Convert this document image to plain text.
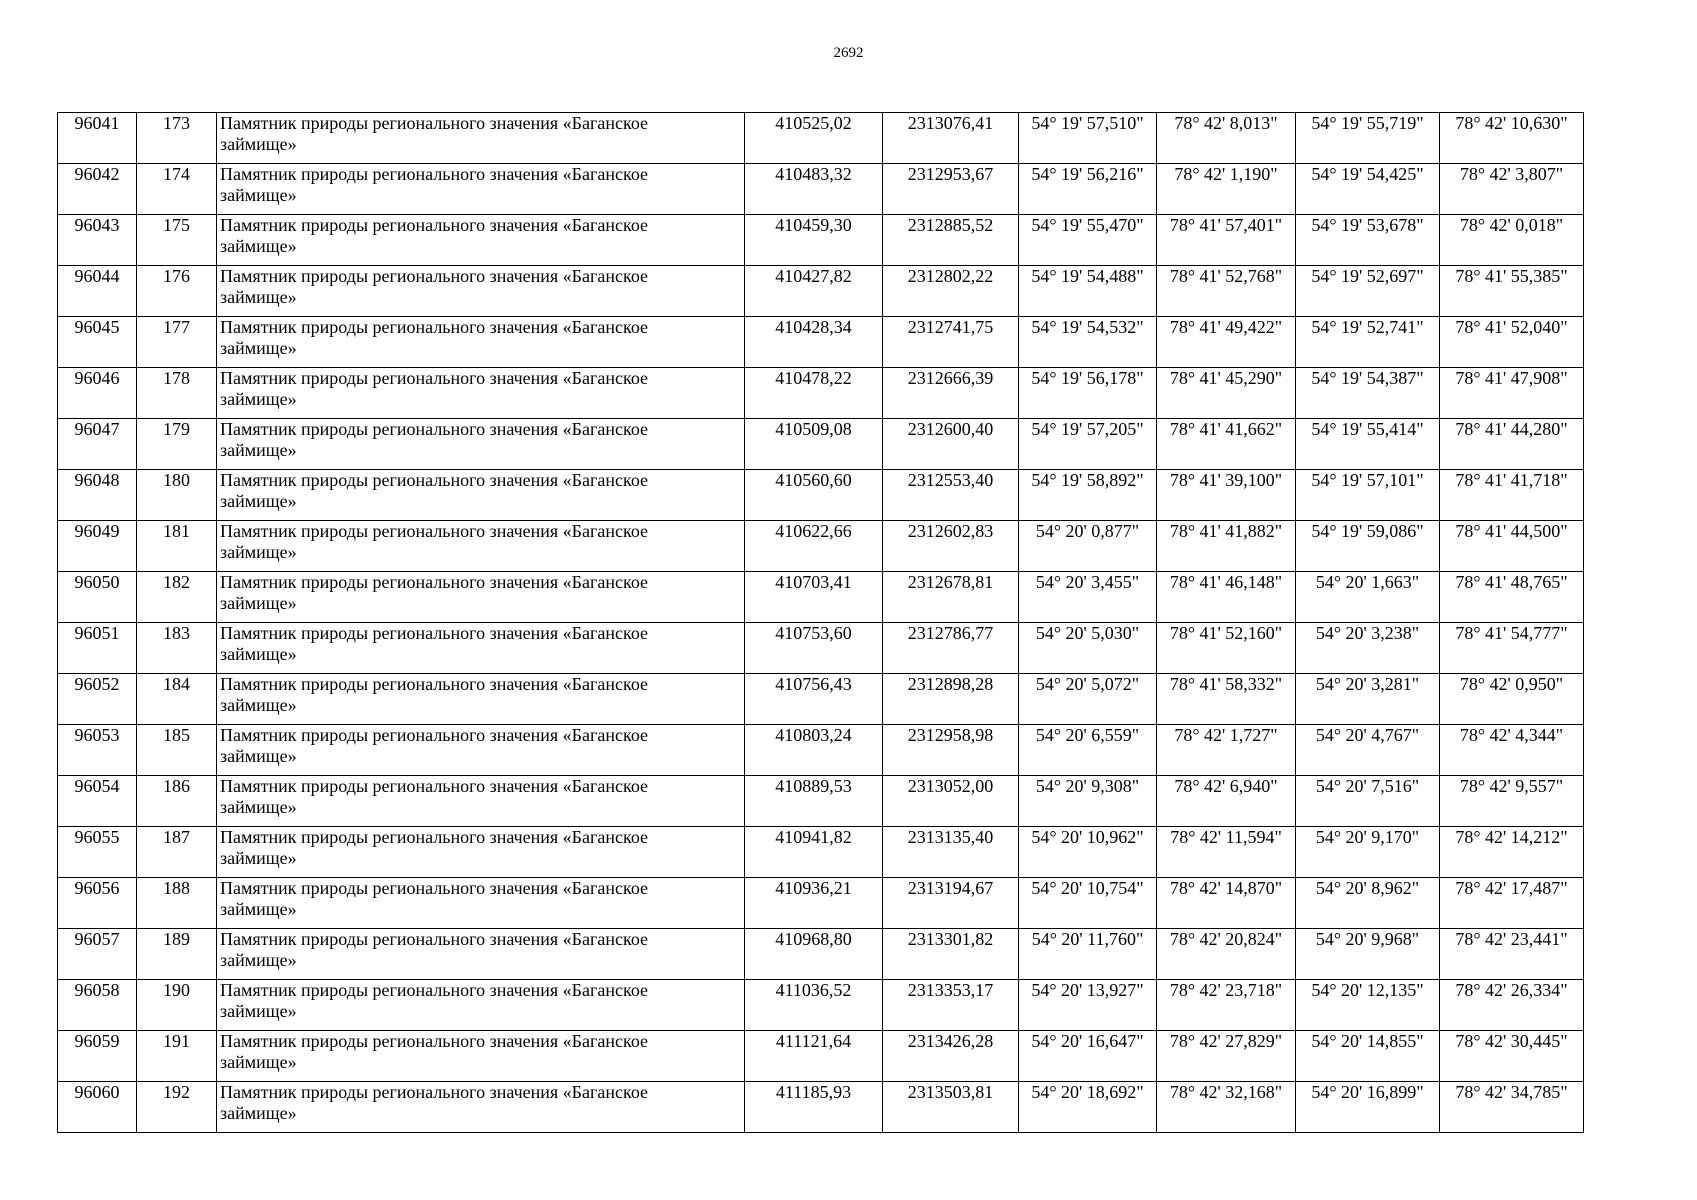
2692
96041	173	Памятник природы регионального значения «Баганское
займище»	410525,02	2313076,41	54° 19' 57,510"	78° 42' 8,013"	54° 19' 55,719"	78° 42' 10,630"
96042	174	Памятник природы регионального значения «Баганское
займище»	410483,32	2312953,67	54° 19' 56,216"	78° 42' 1,190"	54° 19' 54,425"	78° 42' 3,807"
96043	175	Памятник природы регионального значения «Баганское
займище»	410459,30	2312885,52	54° 19' 55,470"	78° 41' 57,401"	54° 19' 53,678"	78° 42' 0,018"
96044	176	Памятник природы регионального значения «Баганское
займище»	410427,82	2312802,22	54° 19' 54,488"	78° 41' 52,768"	54° 19' 52,697"	78° 41' 55,385"
96045	177	Памятник природы регионального значения «Баганское
займище»	410428,34	2312741,75	54° 19' 54,532"	78° 41' 49,422"	54° 19' 52,741"	78° 41' 52,040"
96046	178	Памятник природы регионального значения «Баганское
займище»	410478,22	2312666,39	54° 19' 56,178"	78° 41' 45,290"	54° 19' 54,387"	78° 41' 47,908"
96047	179	Памятник природы регионального значения «Баганское
займище»	410509,08	2312600,40	54° 19' 57,205"	78° 41' 41,662"	54° 19' 55,414"	78° 41' 44,280"
96048	180	Памятник природы регионального значения «Баганское
займище»	410560,60	2312553,40	54° 19' 58,892"	78° 41' 39,100"	54° 19' 57,101"	78° 41' 41,718"
96049	181	Памятник природы регионального значения «Баганское
займище»	410622,66	2312602,83	54° 20' 0,877"	78° 41' 41,882"	54° 19' 59,086"	78° 41' 44,500"
96050	182	Памятник природы регионального значения «Баганское
займище»	410703,41	2312678,81	54° 20' 3,455"	78° 41' 46,148"	54° 20' 1,663"	78° 41' 48,765"
96051	183	Памятник природы регионального значения «Баганское
займище»	410753,60	2312786,77	54° 20' 5,030"	78° 41' 52,160"	54° 20' 3,238"	78° 41' 54,777"
96052	184	Памятник природы регионального значения «Баганское
займище»	410756,43	2312898,28	54° 20' 5,072"	78° 41' 58,332"	54° 20' 3,281"	78° 42' 0,950"
96053	185	Памятник природы регионального значения «Баганское
займище»	410803,24	2312958,98	54° 20' 6,559"	78° 42' 1,727"	54° 20' 4,767"	78° 42' 4,344"
96054	186	Памятник природы регионального значения «Баганское
займище»	410889,53	2313052,00	54° 20' 9,308"	78° 42' 6,940"	54° 20' 7,516"	78° 42' 9,557"
96055	187	Памятник природы регионального значения «Баганское
займище»	410941,82	2313135,40	54° 20' 10,962"	78° 42' 11,594"	54° 20' 9,170"	78° 42' 14,212"
96056	188	Памятник природы регионального значения «Баганское
займище»	410936,21	2313194,67	54° 20' 10,754"	78° 42' 14,870"	54° 20' 8,962"	78° 42' 17,487"
96057	189	Памятник природы регионального значения «Баганское
займище»	410968,80	2313301,82	54° 20' 11,760"	78° 42' 20,824"	54° 20' 9,968"	78° 42' 23,441"
96058	190	Памятник природы регионального значения «Баганское
займище»	411036,52	2313353,17	54° 20' 13,927"	78° 42' 23,718"	54° 20' 12,135"	78° 42' 26,334"
96059	191	Памятник природы регионального значения «Баганское
займище»	411121,64	2313426,28	54° 20' 16,647"	78° 42' 27,829"	54° 20' 14,855"	78° 42' 30,445"
96060	192	Памятник природы регионального значения «Баганское
займище»	411185,93	2313503,81	54° 20' 18,692"	78° 42' 32,168"	54° 20' 16,899"	78° 42' 34,785"
